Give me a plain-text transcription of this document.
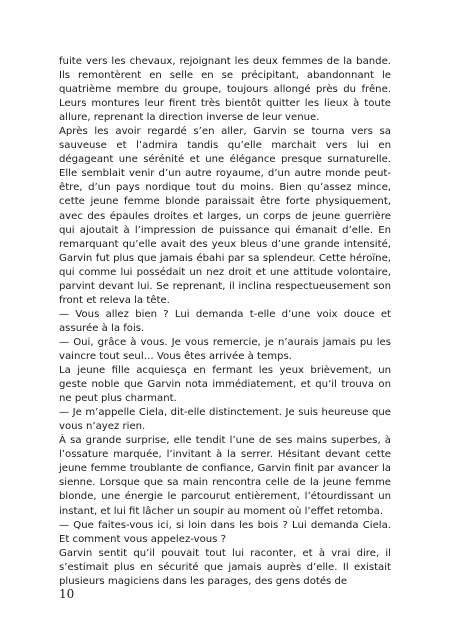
fuite vers les chevaux, rejoignant les deux femmes de la bande. Ils remontèrent en selle en se précipitant, abandonnant le quatrième membre du groupe, toujours allongé près du frêne. Leurs montures leur firent très bientôt quitter les lieux à toute allure, reprenant la direction inverse de leur venue.

Après les avoir regardé s’en aller, Garvin se tourna vers sa sauveuse et l’admira tandis qu’elle marchait vers lui en dégageant une sérénité et une élégance presque surnaturelle. Elle semblait venir d’un autre royaume, d’un autre monde peut-être, d’un pays nordique tout du moins. Bien qu’assez mince, cette jeune femme blonde paraissait être forte physiquement, avec des épaules droites et larges, un corps de jeune guerrière qui ajoutait à l’impression de puissance qui émanait d’elle. En remarquant qu’elle avait des yeux bleus d’une grande intensité, Garvin fut plus que jamais ébahi par sa splendeur. Cette héroïne, qui comme lui possédait un nez droit et une attitude volontaire, parvint devant lui. Se reprenant, il inclina respectueusement son front et releva la tête.

— Vous allez bien ? Lui demanda t-elle d’une voix douce et assurée à la fois.

— Oui, grâce à vous. Je vous remercie, je n’aurais jamais pu les vaincre tout seul… Vous êtes arrivée à temps.

La jeune fille acquiesça en fermant les yeux brièvement, un geste noble que Garvin nota immédiatement, et qu’il trouva on ne peut plus charmant.

— Je m’appelle Ciela, dit-elle distinctement. Je suis heureuse que vous n’ayez rien.

À sa grande surprise, elle tendit l’une de ses mains superbes, à l’ossature marquée, l’invitant à la serrer. Hésitant devant cette jeune femme troublante de confiance, Garvin finit par avancer la sienne. Lorsque que sa main rencontra celle de la jeune femme blonde, une énergie le parcourut entièrement, l’étourdissant un instant, et lui fit lâcher un soupir au moment où l’effet retomba.

— Que faites-vous ici, si loin dans les bois ? Lui demanda Ciela. Et comment vous appelez-vous ?

Garvin sentit qu’il pouvait tout lui raconter, et à vrai dire, il s’estimait plus en sécurité que jamais auprès d’elle. Il existait plusieurs magiciens dans les parages, des gens dotés de

10
